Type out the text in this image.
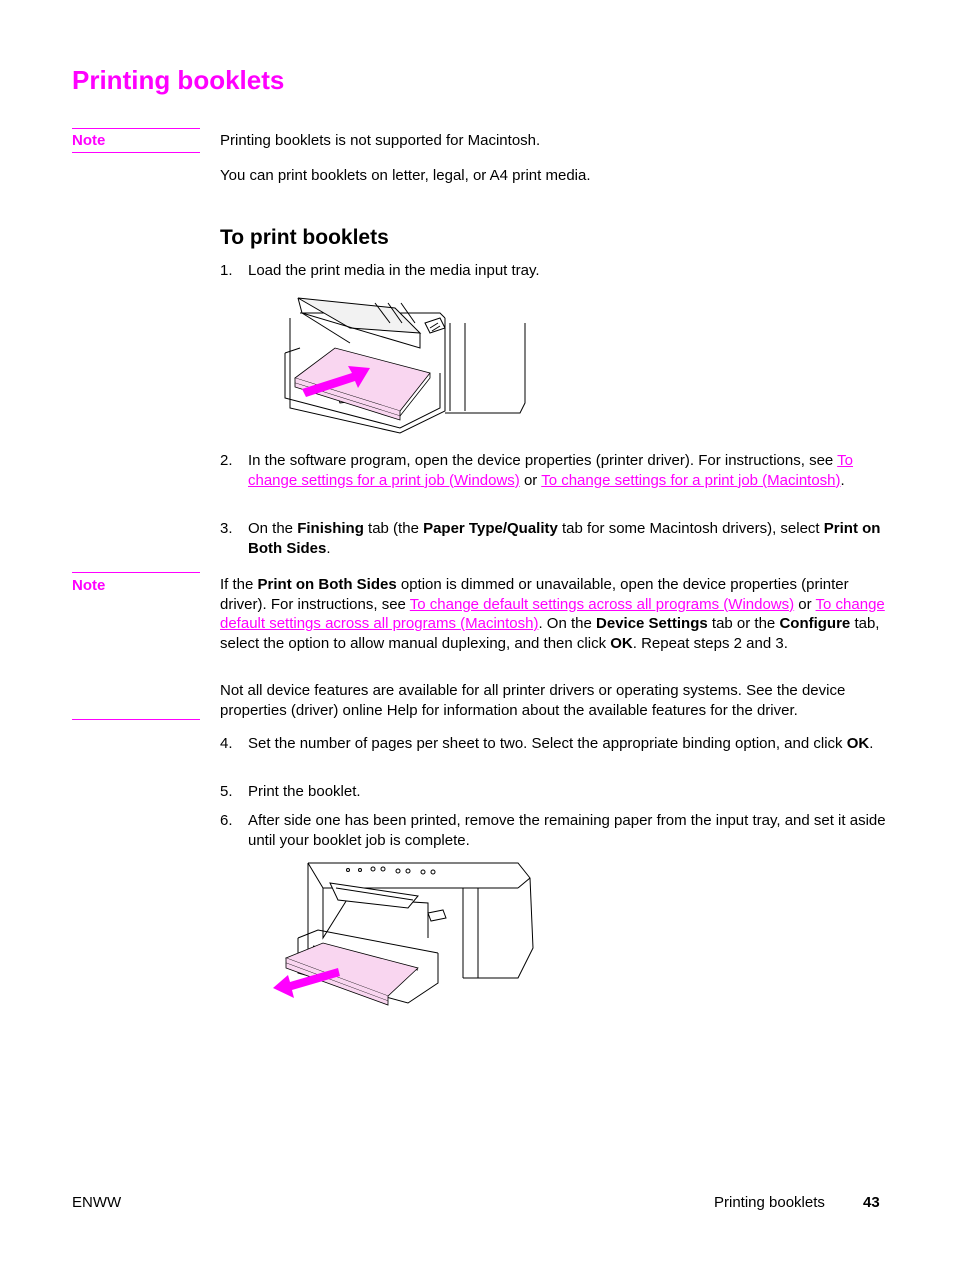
Printing booklets
Note	Printing booklets is not supported for Macintosh.

You can print booklets on letter, legal, or A4 print media.

To print booklets
1.	Load the print media in the media input tray.
2.	In the software program, open the device properties (printer driver). For instructions, see To change settings for a print job (Windows) or To change settings for a print job (Macintosh).
3.	On the Finishing tab (the Paper Type/Quality tab for some Macintosh drivers), select Print on Both Sides.
Note	If the Print on Both Sides option is dimmed or unavailable, open the device properties (printer driver). For instructions, see To change default settings across all programs (Windows) or To change default settings across all programs (Macintosh). On the Device Settings tab or the Configure tab, select the option to allow manual duplexing, and then click OK. Repeat steps 2 and 3.

Not all device features are available for all printer drivers or operating systems. See the device properties (driver) online Help for information about the available features for the driver.

4.	Set the number of pages per sheet to two. Select the appropriate binding option, and click OK.
5.	Print the booklet.
6.	After side one has been printed, remove the remaining paper from the input tray, and set it aside until your booklet job is complete.
ENWW	Printing booklets	43
